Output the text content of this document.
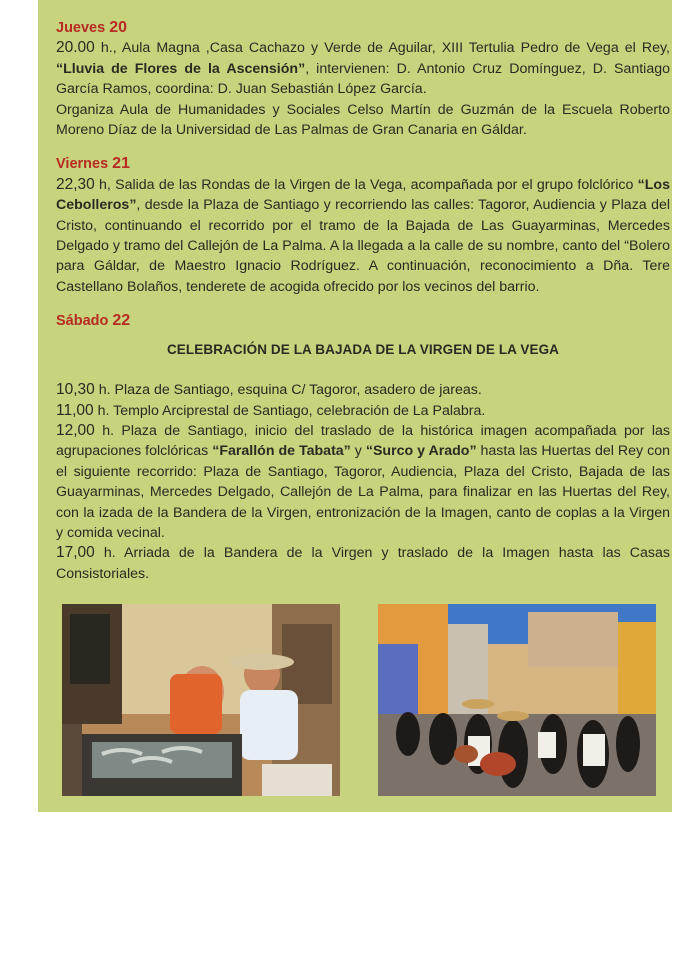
Jueves 20

20.00 h., Aula Magna ,Casa Cachazo y Verde de Aguilar, XIII Tertulia Pedro de Vega el Rey, “Lluvia de Flores de la Ascensión”, intervienen: D. Antonio Cruz Domínguez, D. Santiago García Ramos, coordina: D. Juan Sebastián López García.

Organiza Aula de Humanidades y Sociales Celso Martín de Guzmán de la Escuela Roberto Moreno Díaz de la Universidad de Las Palmas de Gran Canaria en Gáldar.

Viernes 21

22,30 h, Salida de las Rondas de la Virgen de la Vega, acompañada por el grupo folclórico “Los Cebolleros”, desde la Plaza de Santiago y recorriendo las calles: Tagoror, Audiencia y Plaza del Cristo, continuando el recorrido por el tramo de la Bajada de Las Guayarminas, Mercedes Delgado y tramo del Callejón de La Palma. A la llegada a la calle de su nombre, canto del “Bolero para Gáldar, de Maestro Ignacio Rodríguez. A continuación, reconocimiento a Dña. Tere Castellano Bolaños, tenderete de acogida ofrecido por los vecinos del barrio.

Sábado 22
CELEBRACIÓN DE LA BAJADA DE LA VIRGEN DE LA VEGA

10,30 h. Plaza de Santiago, esquina C/ Tagoror, asadero de jareas.

11,00 h. Templo Arciprestal de Santiago, celebración de La Palabra.

12,00 h. Plaza de Santiago, inicio del traslado de la histórica imagen acompañada por las agrupaciones folclóricas “Farallón de Tabata” y “Surco y Arado” hasta las Huertas del Rey con el siguiente recorrido: Plaza de Santiago, Tagoror, Audiencia, Plaza del Cristo, Bajada de las Guayarminas, Mercedes Delgado, Callejón de La Palma, para finalizar en las Huertas del Rey, con la izada de la Bandera de la Virgen, entronización de la Imagen, canto de coplas a la Virgen y comida vecinal.

17,00 h. Arriada de la Bandera de la Virgen y traslado de la Imagen hasta las Casas Consistoriales.
